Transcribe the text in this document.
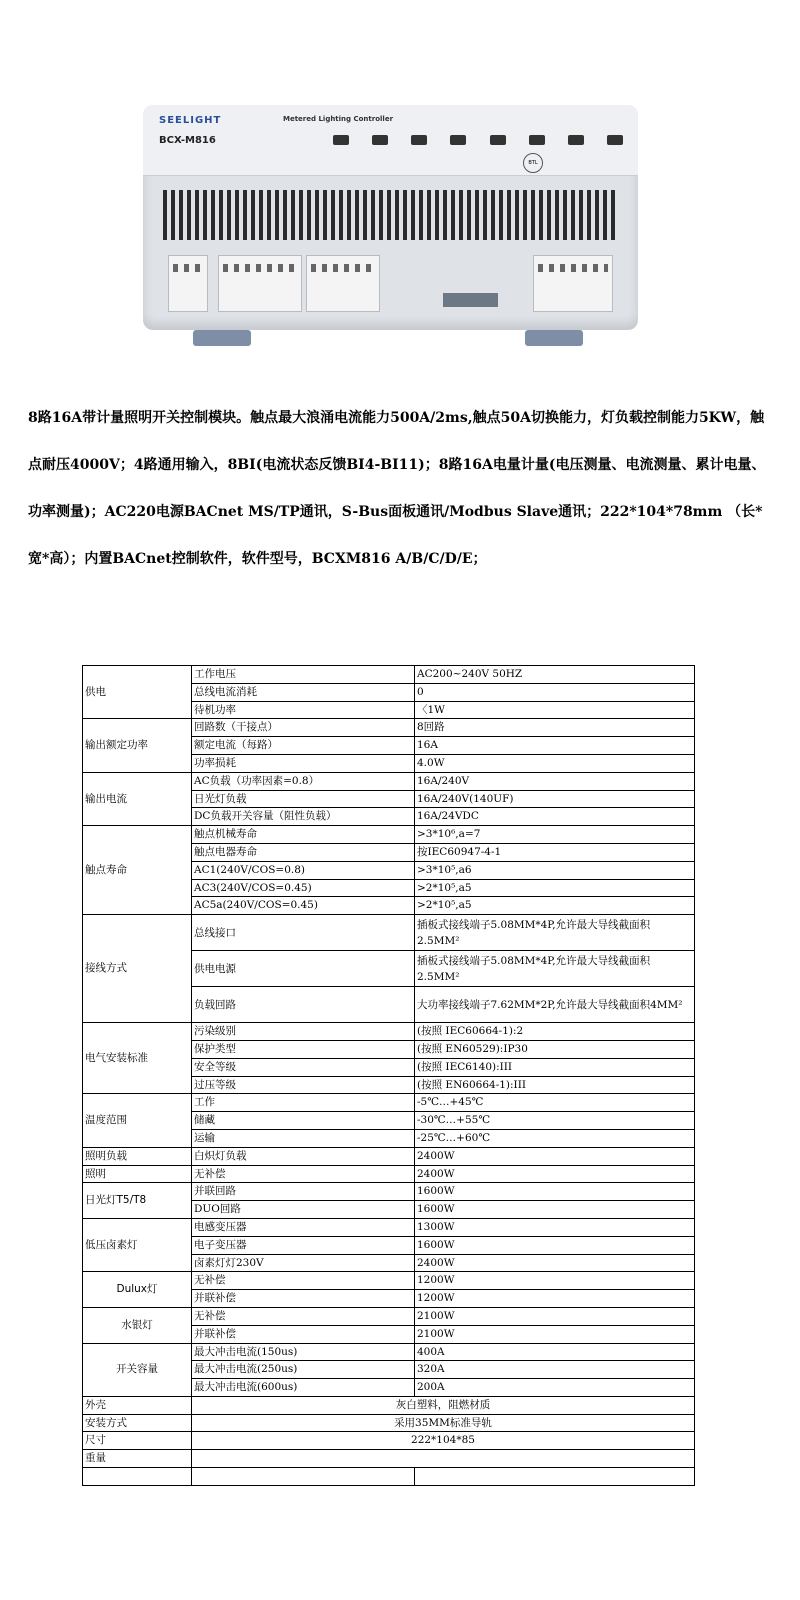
SEELIGHT
BCX-M816
Metered Lighting Controller
BTL

8路16A带计量照明开关控制模块。触点最大浪涌电流能力500A/2ms,触点50A切换能力，灯负载控制能力5KW，触点耐压4000V；4路通用输入，8BI(电流状态反馈BI4-BI11)；8路16A电量计量(电压测量、电流测量、累计电量、功率测量)；AC220电源BACnet MS/TP通讯，S-Bus面板通讯/Modbus Slave通讯；222*104*78mm （长*宽*高）；内置BACnet控制软件，软件型号，BCXM816 A/B/C/D/E；

供电	工作电压	AC200~240V 50HZ
	总线电流消耗	0
	待机功率	〈1W
输出额定功率	回路数（干接点）	8回路
	额定电流（每路）	16A
	功率损耗	4.0W
输出电流	AC负载（功率因素=0.8）	16A/240V
	日光灯负载	16A/240V(140UF)
	DC负载开关容量（阻性负载）	16A/24VDC
触点寿命	触点机械寿命	>3*10⁶,a=7
	触点电器寿命	按IEC60947-4-1
	AC1(240V/COS=0.8)	>3*10⁵,a6
	AC3(240V/COS=0.45)	>2*10⁵,a5
	AC5a(240V/COS=0.45)	>2*10⁵,a5
接线方式	总线接口	插板式接线端子5.08MM*4P,允许最大导线截面积2.5MM²
	供电电源	插板式接线端子5.08MM*4P,允许最大导线截面积2.5MM²
	负载回路	大功率接线端子7.62MM*2P,允许最大导线截面积4MM²
电气安装标准	污染级别	(按照 IEC60664-1):2
	保护类型	(按照 EN60529):IP30
	安全等级	(按照 IEC6140):III
	过压等级	(按照 EN60664-1):III
温度范围	工作	-5℃…+45℃
	储藏	-30℃…+55℃
	运输	-25℃…+60℃
照明负载	白炽灯负载	2400W
照明	无补偿	2400W
日光灯T5/T8	并联回路	1600W
	DUO回路	1600W
低压卤素灯	电感变压器	1300W
	电子变压器	1600W
	卤素灯灯230V	2400W
Dulux灯	无补偿	1200W
	并联补偿	1200W
水银灯	无补偿	2100W
	并联补偿	2100W
开关容量	最大冲击电流(150us)	400A
	最大冲击电流(250us)	320A
	最大冲击电流(600us)	200A
外壳	灰白塑料，阻燃材质	
安装方式	采用35MM标准导轨	
尺寸	222*104*85	
重量		
